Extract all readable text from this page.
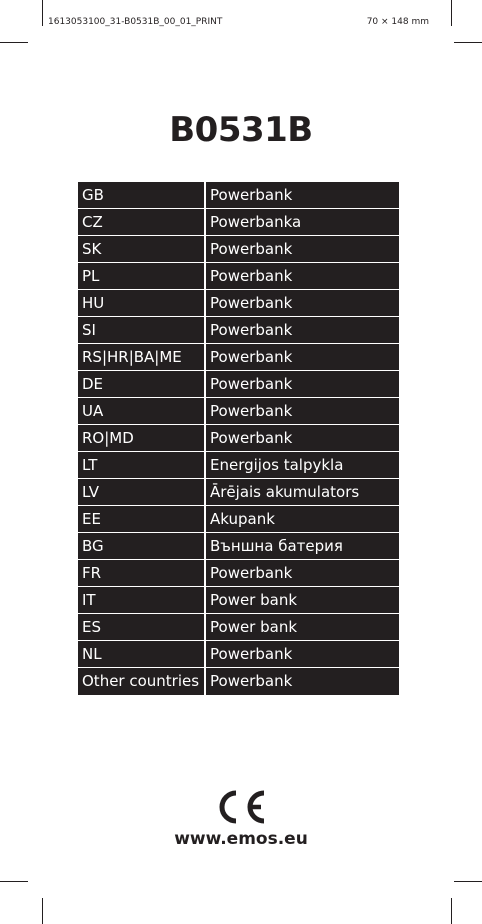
1613053100_31-B0531B_00_01_PRINT	70 × 148 mm
B0531B
GB	Powerbank
CZ	Powerbanka
SK	Powerbank
PL	Powerbank
HU	Powerbank
SI	Powerbank
RS|HR|BA|ME	Powerbank
DE	Powerbank
UA	Powerbank
RO|MD	Powerbank
LT	Energijos talpykla
LV	Ārējais akumulators
EE	Akupank
BG	Външна батерия
FR	Powerbank
IT	Power bank
ES	Power bank
NL	Powerbank
Other countries	Powerbank
www.emos.eu
